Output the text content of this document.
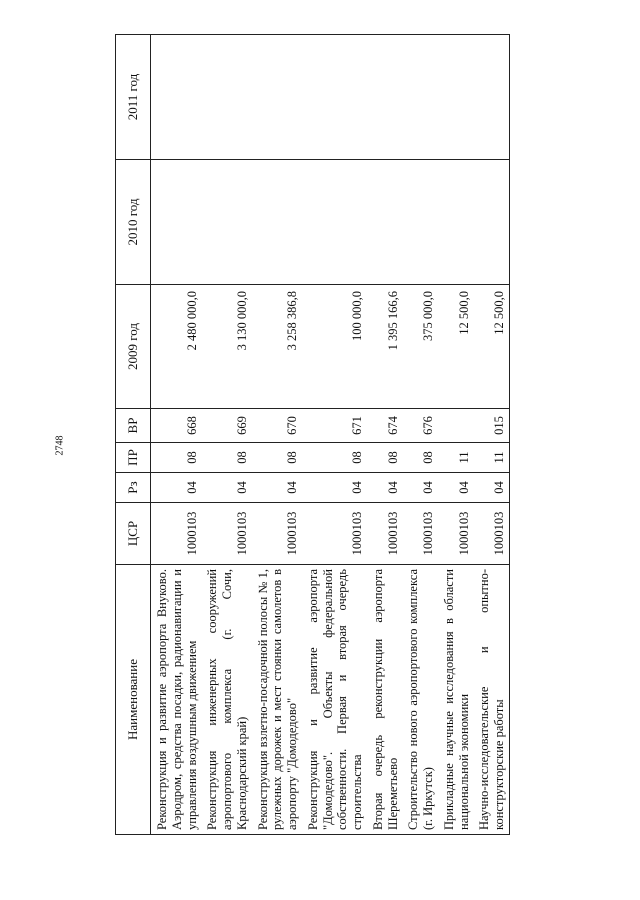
2748
Наименование	ЦСР	Рз	ПР	ВР	2009 год	2010 год	2011 год
Реконструкция и развитие аэропорта Внуково. Аэродром, средства посадки, радионавигации и управления воздушным движением	1000103	04	08	668	2 480 000,0		
Реконструкция инженерных сооружений аэропортового комплекса (г. Сочи, Краснодарский край)	1000103	04	08	669	3 130 000,0		
Реконструкция взлетно-посадочной полосы № 1, рулежных дорожек и мест стоянки самолетов в аэропорту "Домодедово"	1000103	04	08	670	3 258 386,8		
Реконструкция и развитие аэропорта "Домодедово". Объекты федеральной собственности. Первая и вторая очередь строительства	1000103	04	08	671	100 000,0		
Вторая очередь реконструкции аэропорта Шереметьево	1000103	04	08	674	1 395 166,6		
Строительство нового аэропортового комплекса (г. Иркутск)	1000103	04	08	676	375 000,0		
Прикладные научные исследования в области национальной экономики	1000103	04	11		12 500,0		
Научно-исследовательские и опытно-конструкторские работы	1000103	04	11	015	12 500,0		
